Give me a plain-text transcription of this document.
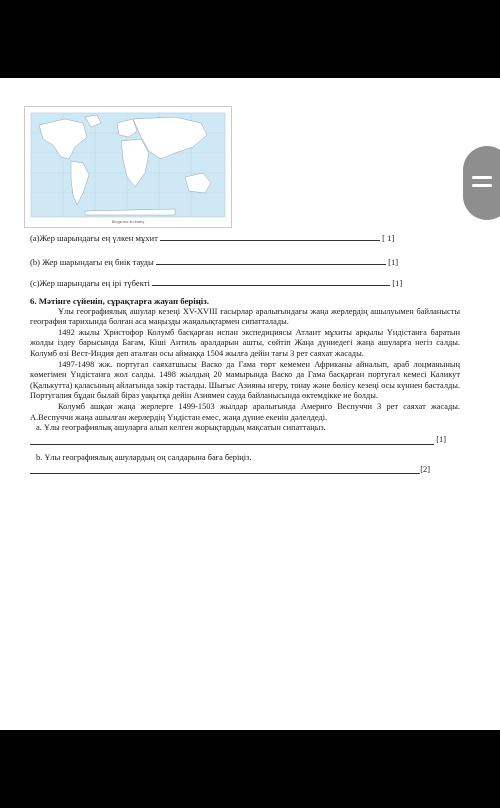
Blogs/ms-fin.ktaby
(a)Жер шарындағы ең үлкен мұхит	[ 1]
(b) Жер шарындағы ең биік тауды	[1]
(c)Жер шарындағы ең ірі түбекті	[1]

6. Мәтінге сүйеніп, сұрақтарға жауап беріңіз.

Ұлы географиялық ашулар кезеңі XV-XVIII ғасырлар аралығындағы жаңа жерлердің ашылуымен байланысты география тарихында болған аса маңызды жаңалықтармен сипатталады.

1492 жылы Христофор Колумб басқарған испан экспедициясы Атлант мұхиты арқылы Үндістанға баратын жолды іздеу барысында Багам, Кіші Антиль аралдарын ашты, сөйтіп Жаңа дүниедегі жаңа ашуларға негіз салды. Колумб өзі Вест-Индия деп аталған осы аймаққа 1504 жылға дейін тағы 3 рет саяхат жасады.

1497-1498 жж. португал саяхатшысы Васко да Гама төрт кемемен Африканы айналып, араб лоцманының көмегімен Үндістанға жол салды. 1498 жылдың 20 мамырында Васко да Гама басқарған португал кемесі Каликут (Қалькутта) қаласының айлағында зәкір тастады. Шығыс Азияны игеру, тонау және бөлісу кезеңі осы күннен басталды. Португалия бұдан былай біраз уақытқа дейін Азиямен сауда байланысында өктемдікке ие болды.

Колумб ашқан жаңа жерлерге 1499-1503 жылдар аралығында Америго Веспуччи 3 рет саяхат жасады. А.Веспуччи жаңа ашылған жерлердің Үндістан емес, жаңа дүние екенін дәлелдеді.

a. Ұлы географиялық ашуларға алып келген жорықтардың мақсатын сипаттаңыз.

[1]

b. Ұлы географиялық ашулардың оң салдарына баға беріңіз.

[2]
